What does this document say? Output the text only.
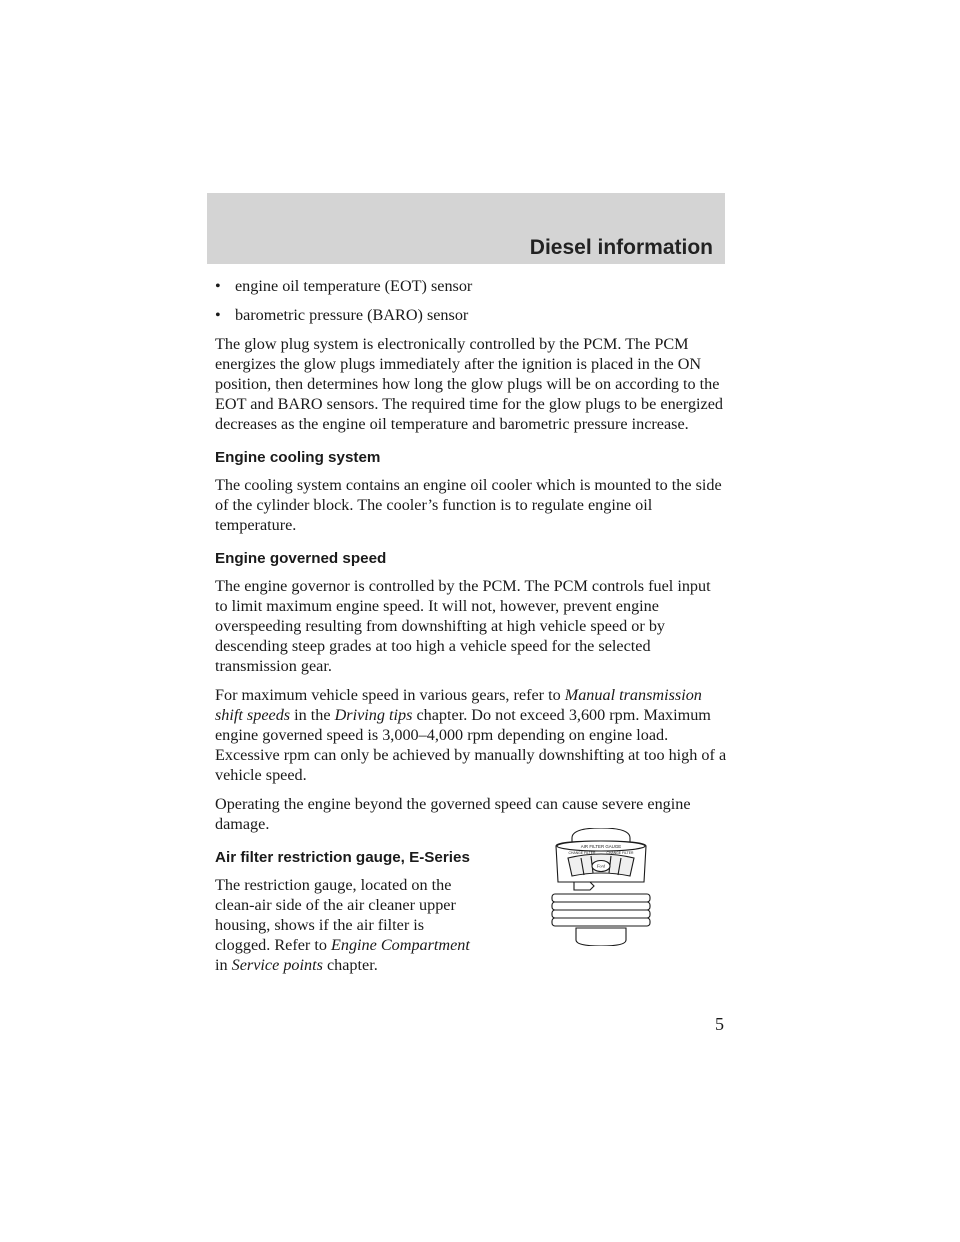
Diesel information
• engine oil temperature (EOT) sensor
• barometric pressure (BARO) sensor

The glow plug system is electronically controlled by the PCM. The PCM energizes the glow plugs immediately after the ignition is placed in the ON position, then determines how long the glow plugs will be on according to the EOT and BARO sensors. The required time for the glow plugs to be energized decreases as the engine oil temperature and barometric pressure increase.

Engine cooling system

The cooling system contains an engine oil cooler which is mounted to the side of the cylinder block. The cooler’s function is to regulate engine oil temperature.

Engine governed speed

The engine governor is controlled by the PCM. The PCM controls fuel input to limit maximum engine speed. It will not, however, prevent engine overspeeding resulting from downshifting at high vehicle speed or by descending steep grades at too high a vehicle speed for the selected transmission gear.

For maximum vehicle speed in various gears, refer to Manual transmission shift speeds in the Driving tips chapter. Do not exceed 3,600 rpm. Maximum engine governed speed is 3,000–4,000 rpm depending on engine load. Excessive rpm can only be achieved by manually downshifting at too high of a vehicle speed.

Operating the engine beyond the governed speed can cause severe engine damage.

Air filter restriction gauge, E-Series

The restriction gauge, located on the clean-air side of the air cleaner upper housing, shows if the air filter is clogged. Refer to Engine Compartment in Service points chapter.

AIR FILTER GAUGE
CHANGE FILTER	CHANGE FILTER
Ford

5
